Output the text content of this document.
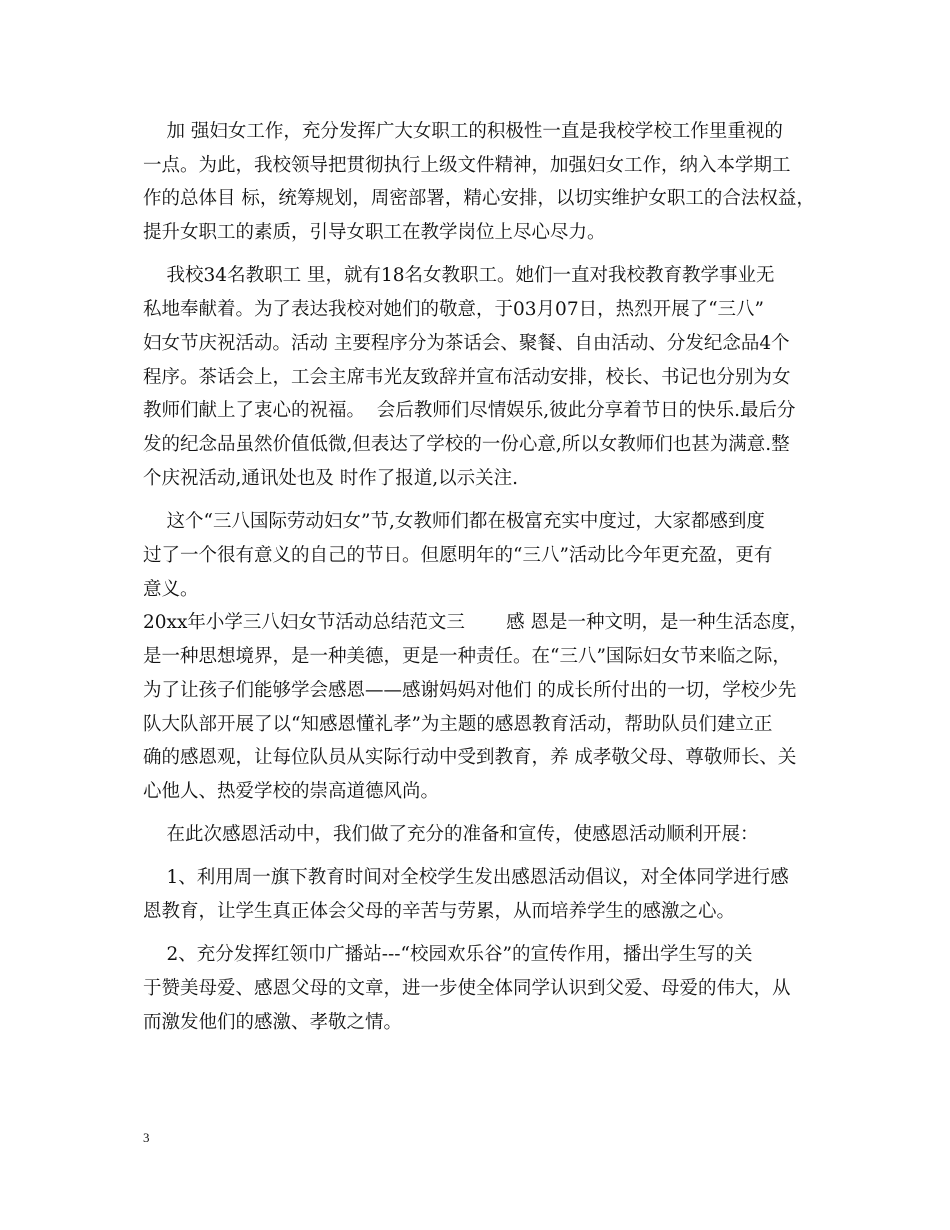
加 强妇女工作，充分发挥广大女职工的积极性一直是我校学校工作里重视的
一点。为此，我校领导把贯彻执行上级文件精神，加强妇女工作，纳入本学期工
作的总体目 标，统筹规划，周密部署，精心安排，以切实维护女职工的合法权益，
提升女职工的素质，引导女职工在教学岗位上尽心尽力。
我校34名教职工 里，就有18名女教职工。她们一直对我校教育教学事业无
私地奉献着。为了表达我校对她们的敬意，于03月07日，热烈开展了“三八”
妇女节庆祝活动。活动 主要程序分为茶话会、聚餐、自由活动、分发纪念品4个
程序。茶话会上，工会主席韦光友致辞并宣布活动安排，校长、书记也分别为女
教师们献上了衷心的祝福。  会后教师们尽情娱乐,彼此分享着节日的快乐.最后分
发的纪念品虽然价值低微,但表达了学校的一份心意,所以女教师们也甚为满意.整
个庆祝活动,通讯处也及 时作了报道,以示关注.
这个“三八国际劳动妇女”节,女教师们都在极富充实中度过，大家都感到度
过了一个很有意义的自己的节日。但愿明年的“三八”活动比今年更充盈，更有
意义。
20xx年小学三八妇女节活动总结范文三       感 恩是一种文明，是一种生活态度，
是一种思想境界，是一种美德，更是一种责任。在“三八”国际妇女节来临之际，
为了让孩子们能够学会感恩——感谢妈妈对他们 的成长所付出的一切，学校少先
队大队部开展了以“知感恩懂礼孝”为主题的感恩教育活动，帮助队员们建立正
确的感恩观，让每位队员从实际行动中受到教育，养 成孝敬父母、尊敬师长、关
心他人、热爱学校的崇高道德风尚。
在此次感恩活动中，我们做了充分的准备和宣传，使感恩活动顺利开展：
1、利用周一旗下教育时间对全校学生发出感恩活动倡议，对全体同学进行感
恩教育，让学生真正体会父母的辛苦与劳累，从而培养学生的感激之心。
2、充分发挥红领巾广播站---“校园欢乐谷”的宣传作用，播出学生写的关
于赞美母爱、感恩父母的文章，进一步使全体同学认识到父爱、母爱的伟大，从
而激发他们的感激、孝敬之情。
3
